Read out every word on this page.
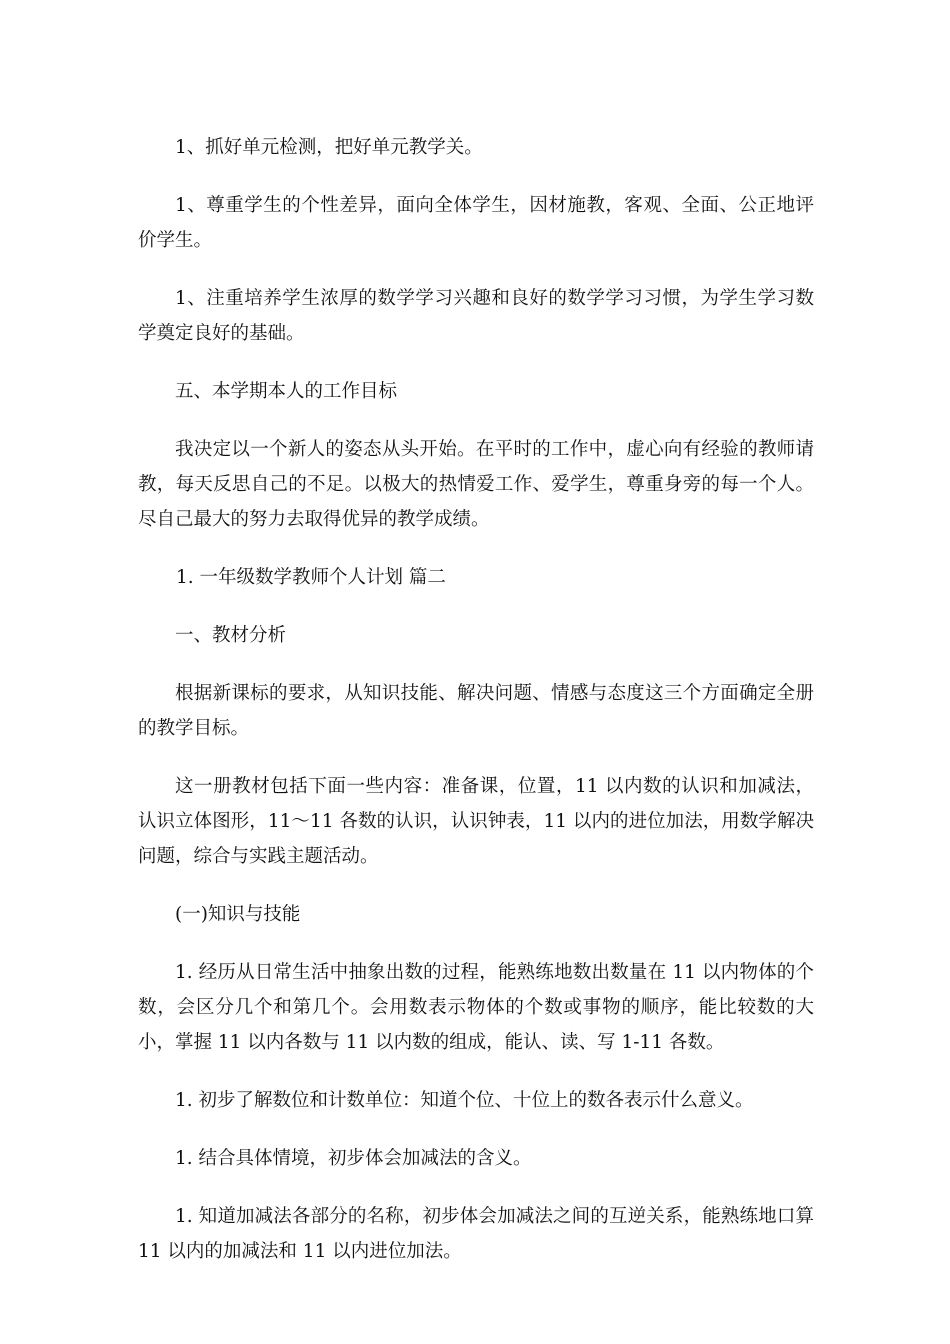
1、抓好单元检测，把好单元教学关。

1、尊重学生的个性差异，面向全体学生，因材施教，客观、全面、公正地评价学生。

1、注重培养学生浓厚的数学学习兴趣和良好的数学学习习惯，为学生学习数学奠定良好的基础。

五、本学期本人的工作目标

我决定以一个新人的姿态从头开始。在平时的工作中，虚心向有经验的教师请教，每天反思自己的不足。以极大的热情爱工作、爱学生，尊重身旁的每一个人。尽自己最大的努力去取得优异的教学成绩。

1. 一年级数学教师个人计划 篇二

一、教材分析

根据新课标的要求，从知识技能、解决问题、情感与态度这三个方面确定全册的教学目标。

这一册教材包括下面一些内容：准备课，位置，11 以内数的认识和加减法，认识立体图形，11～11 各数的认识，认识钟表，11 以内的进位加法，用数学解决问题，综合与实践主题活动。

(一)知识与技能

1. 经历从日常生活中抽象出数的过程，能熟练地数出数量在 11 以内物体的个数，会区分几个和第几个。会用数表示物体的个数或事物的顺序，能比较数的大小，掌握 11 以内各数与 11 以内数的组成，能认、读、写 1-11 各数。

1. 初步了解数位和计数单位：知道个位、十位上的数各表示什么意义。

1. 结合具体情境，初步体会加减法的含义。

1. 知道加减法各部分的名称，初步体会加减法之间的互逆关系，能熟练地口算 11 以内的加减法和 11 以内进位加法。
